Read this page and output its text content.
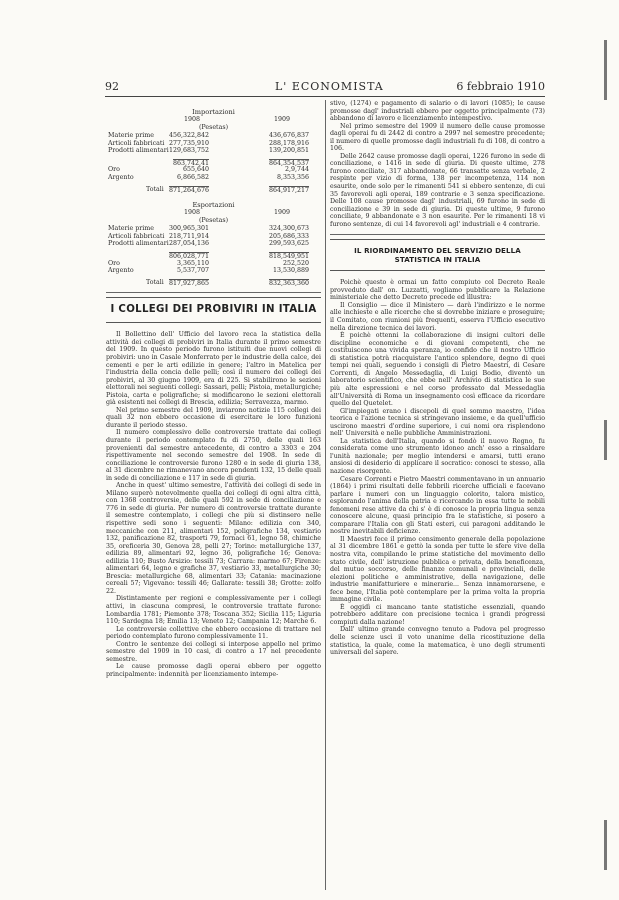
92	L' ECONOMISTA	6 febbraio 1910
Importazioni
1908	1909
(Pesetas)
Materie prime 456,322,842	436,676,837
Articoli fabbricati 277,735,910	288,178,916
Prodotti alimentari 129,683,752	139,200,851
863,742,41	864,354,537
Oro	655,640	2,9,744
Argento	6,866,582	8,353,356
Totali 871,264,676	864,917,217
Esportazioni
1908	1909
(Pesetas)
Materie prime 300,965,301	324,300,673
Articoli fabbricati 218,711,914	205,686,333
Prodotti alimentari 287,054,136	299,593,625
806,028,771	818,549,951
Oro	3,365,110	252,520
Argento	5,537,707	13,530,889
Totali 817,927,865	832,363,360
I COLLEGI DEI PROBIVIRI IN ITALIA

Il Bollettino dell' Ufficio del lavoro reca la statistica della attività dei collegi di probiviri in Italia durante il primo semestre del 1909. In questo periodo furono istituiti due nuovi collegi di probiviri: uno in Casale Monferrato per le industrie della calce, dei cementi e per le arti edilizie in genere; l'altro in Matelica per l'industria della concia delle pelli; così il numero dei collegi dei probiviri, al 30 giugno 1909, era di 225. Si stabilirono le sezioni elettorali nei seguenti collegi: Sassari, pelli; Pistoia, metallurgiche; Pistoia, carta e poligrafiche; si modificarono le sezioni elettorali già esistenti nei collegi di Brescia, edilizia; Serravezza, marmo.

Nel primo semestre del 1909, inviarono notizie 115 collegi dei quali 32 non ebbero occasione di esercitare le loro funzioni durante il periodo stesso.

Il numero complessivo delle controversie trattate dai collegi durante il periodo contemplato fu di 2750, delle quali 163 provenienti dal semestre antecedente, di contro a 3303 e 204 rispettivamente nel secondo semestre del 1908. In sede di conciliazione le controversie furono 1280 e in sede di giuria 138, al 31 dicembre ne rimanevano ancora pendenti 132, 15 delle quali in sede di conciliazione e 117 in sede di giuria.

Anche in quest' ultimo semestre, l'attività dei collegi di sede in Milano superò notevolmente quella dei collegi di ogni altra città, con 1368 controversie, delle quali 592 in sede di conciliazione e 776 in sede di giuria. Per numero di controversie trattate durante il semestre contemplato, i collegi che più si distinsero nelle rispettive sedi sono i seguenti: Milano: edilizia con 340, meccaniche con 211, alimentari 152, poligrafiche 134, vestiario 132, panificazione 82, trasporti 79, fornaci 61, legno 58, chimiche 35, oreficeria 30, Genova 28, pelli 27; Torino: metallurgiche 137, edilizia 89, alimentari 92, legno 36, poligrafiche 16; Genova: edilizia 110; Busto Arsizio: tessili 73; Carrara: marmo 67; Firenze: alimentari 64, legno e grafiche 37, vestiario 33, metallurgiche 30; Brescia: metallurgiche 68, alimentari 33; Catania: macinazione cereali 57; Vigevano: tessili 46; Gallarate: tessili 38; Grotte: zolfo 22.

Distintamente per regioni e complessivamente per i collegi attivi, in ciascuna compresi, le controversie trattate furono: Lombardia 1781; Piemonte 378; Toscana 352; Sicilia 115; Liguria 110; Sardegna 18; Emilia 13; Veneto 12; Campania 12; Marche 6.

Le controversie collettive che ebbero occasione di trattare nel periodo contemplato furono complessivamente 11.

Contro le sentenze dei collegi si interpose appello nel primo semestre del 1909 in 10 casi, di contro a 17 nel precedente semestre.

Le cause promosse dagli operai ebbero per oggetto principalmente: indennità per licenziamento intempe-

stivo, (1274) e pagamento di salario o di lavori (1085); le cause promosse dagl' industriali ebbero per oggetto principalmente (73) abbandono di lavoro e licenziamento intempestivo.

Nel primo semestre del 1909 il numero delle cause promosse dagli operai fu di 2442 di contro a 2997 nel semestre precedente; il numero di quelle promosse dagli industriali fu di 108, di contro a 106.

Delle 2642 cause promosse dagli operai, 1226 furono in sede di conciliazione, e 1416 in sede di giuria. Di queste ultime, 278 furono conciliate, 317 abbandonate, 66 transatte senza verbale, 2 respinte per vizio di forma, 138 per incompetenza, 114 non esaurite, onde solo per le rimanenti 541 si ebbero sentenze, di cui 35 favorevoli agli operai, 189 contrarie e 3 senza specificazione. Delle 108 cause promosse dagl' industriali, 69 furono in sede di conciliazione e 39 in sede di giuria. Di queste ultime, 9 furono conciliate, 9 abbandonate e 3 non esaurite. Per le rimanenti 18 vi furono sentenze, di cui 14 favorevoli agl' industriali e 4 contrarie.

IL RIORDINAMENTO DEL SERVIZIO DELLA STATISTICA IN ITALIA

Poichè questo è ormai un fatto compiuto col Decreto Reale provveduto dall' on. Luzzatti, vogliamo pubblicare la Relazione ministeriale che detto Decreto precede ed illustra:

Il Consiglio — dice il Ministero — darà l'indirizzo e le norme alle inchieste e alle ricerche che si dovrebbe iniziare e proseguire; il Comitato, con riunioni più frequenti, esserva l'Ufficio esecutivo nella direzione tecnica dei lavori.

È poichè ottenni la collaborazione di insigni cultori delle discipline economiche e di giovani competenti, che ne costituiscono una vivida speranza, io confido che il nostro Ufficio di statistica potrà riacquistare l'antico splendore, degno di quei tempi nei quali, seguendo i consigli di Pietro Maestri, di Cesare Correnti, di Angelo Messedaglia, di Luigi Bodio, diventò un laboratorio scientifico, che ebbe nell' Archivio di statistica le sue più alte espressioni e nel corso professato dal Messedaglia all'Università di Roma un insegnamento così efficace da ricordare quello del Quetelet.

Gl'impiegati erano i discepoli di quel sommo maestro, l'idea teorica e l'azione tecnica si stringevano insieme, e da quell'ufficio uscirono maestri d'ordine superiore, i cui nomi ora risplendono nell' Università e nelle pubbliche Amministrazioni.

La statistica dell'Italia, quando si fondò il nuovo Regno, fu considerata come uno strumento idoneo anch' esso a rinsaldare l'unità nazionale; per meglio intendersi e amarsi, tutti erano ansiosi di desiderio di applicare il socratico: conosci te stesso, alla nazione risorgente.

Cesare Correnti e Pietro Maestri commentavano in un annuario (1864) i primi risultati delle febbrili ricerche ufficiali e facevano parlare i numeri con un linguaggio colorito, talora mistico, esplorando l'anima della patria e ricercando in essa tutte le nobili fenomeni rese attive da chi s' è di conosce la propria lingua senza conoscere alcune, quasi principio fra le statistiche, si posero a comparare l'Italia con gli Stati esteri, cui paragoni additando le nostre inevitabili deficienze.

Il Maestri fece il primo censimento generale della popolazione al 31 dicembre 1861 e gettò la sonda per tutte le sfere vive della nostra vita, compilando le prime statistiche del movimento dello stato civile, dell' istruzione pubblica e privata, della beneficenza, del mutuo soccorso, delle finanze comunali e provinciali, delle elezioni politiche e amministrative, della navigazione, delle industrie manifatturiere e minerarie... Senza innamorarsene, e fece bene, l'Italia potè contemplare per la prima volta la propria immagine civile.

È oggidì ci mancano tante statistiche essenziali, quando potrebbero additare con precisione tecnica i grandi progressi compiuti dalla nazione!

Dall' ultimo grande convegno tenuto a Padova pel progresso delle scienze uscì il voto unanime della ricostituzione della statistica, la quale, come la matematica, è uno degli strumenti universali del sapere.
